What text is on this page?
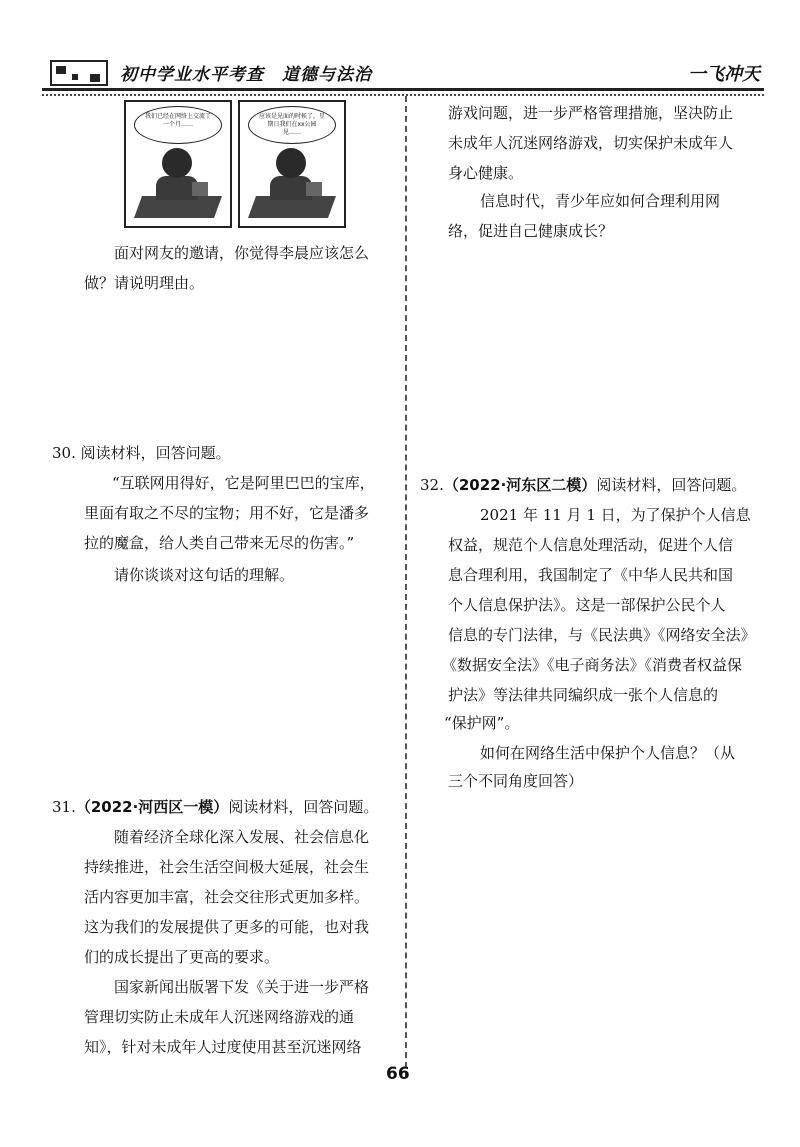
初中学业水平考查　道德与法治	一飞冲天
我们已经在网络上交流了一个月……
应该是见面的时候了，星期日我们在xx公园见……
面对网友的邀请，你觉得李晨应该怎么
做？请说明理由。
30. 阅读材料，回答问题。
“互联网用得好，它是阿里巴巴的宝库，
里面有取之不尽的宝物；用不好，它是潘多
拉的魔盒，给人类自己带来无尽的伤害。”
请你谈谈对这句话的理解。
31.（2022·河西区一模）阅读材料，回答问题。
随着经济全球化深入发展、社会信息化
持续推进，社会生活空间极大延展，社会生
活内容更加丰富，社会交往形式更加多样。
这为我们的发展提供了更多的可能，也对我
们的成长提出了更高的要求。
国家新闻出版署下发《关于进一步严格
管理切实防止未成年人沉迷网络游戏的通
知》，针对未成年人过度使用甚至沉迷网络
游戏问题，进一步严格管理措施，坚决防止
未成年人沉迷网络游戏，切实保护未成年人
身心健康。
信息时代，青少年应如何合理利用网
络，促进自己健康成长？
32.（2022·河东区二模）阅读材料，回答问题。
2021 年 11 月 1 日，为了保护个人信息
权益，规范个人信息处理活动，促进个人信
息合理利用，我国制定了《中华人民共和国
个人信息保护法》。这是一部保护公民个人
信息的专门法律，与《民法典》《网络安全法》
《数据安全法》《电子商务法》《消费者权益保
护法》等法律共同编织成一张个人信息的
“保护网”。
如何在网络生活中保护个人信息？（从
三个不同角度回答）
66
